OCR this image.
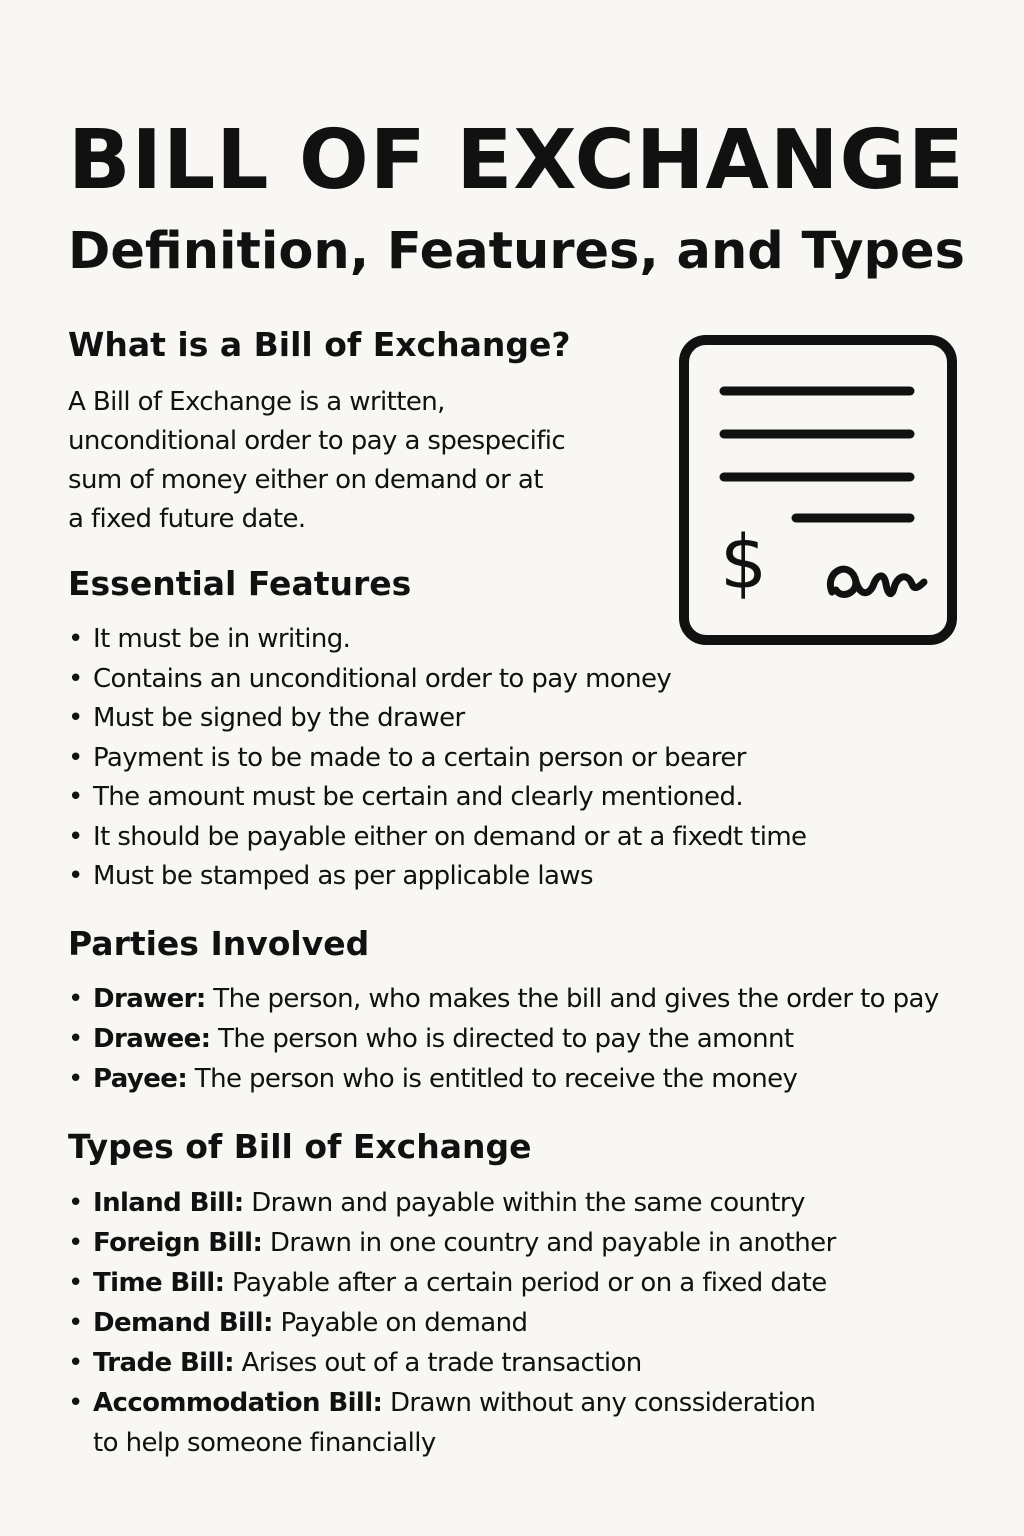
BILL OF EXCHANGE
Definition, Features, and Types
What is a Bill of Exchange?

A Bill of Exchange is a written,
unconditional order to pay a spespecific
sum of money either on demand or at
a fixed future date.

$
Essential Features
• It must be in writing.
• Contains an unconditional order to pay money
• Must be signed by the drawer
• Payment is to be made to a certain person or bearer
• The amount must be certain and clearly mentioned.
• It should be payable either on demand or at a fixedt time
• Must be stamped as per applicable laws
Parties Involved
• Drawer: The person, who makes the bill and gives the order to pay
• Drawee: The person who is directed to pay the amonnt
• Payee: The person who is entitled to receive the money
Types of Bill of Exchange
• Inland Bill: Drawn and payable within the same country
• Foreign Bill: Drawn in one country and payable in another
• Time Bill: Payable after a certain period or on a fixed date
• Demand Bill: Payable on demand
• Trade Bill: Arises out of a trade transaction
• Accommodation Bill: Drawn without any conssideration
to help someone financially
